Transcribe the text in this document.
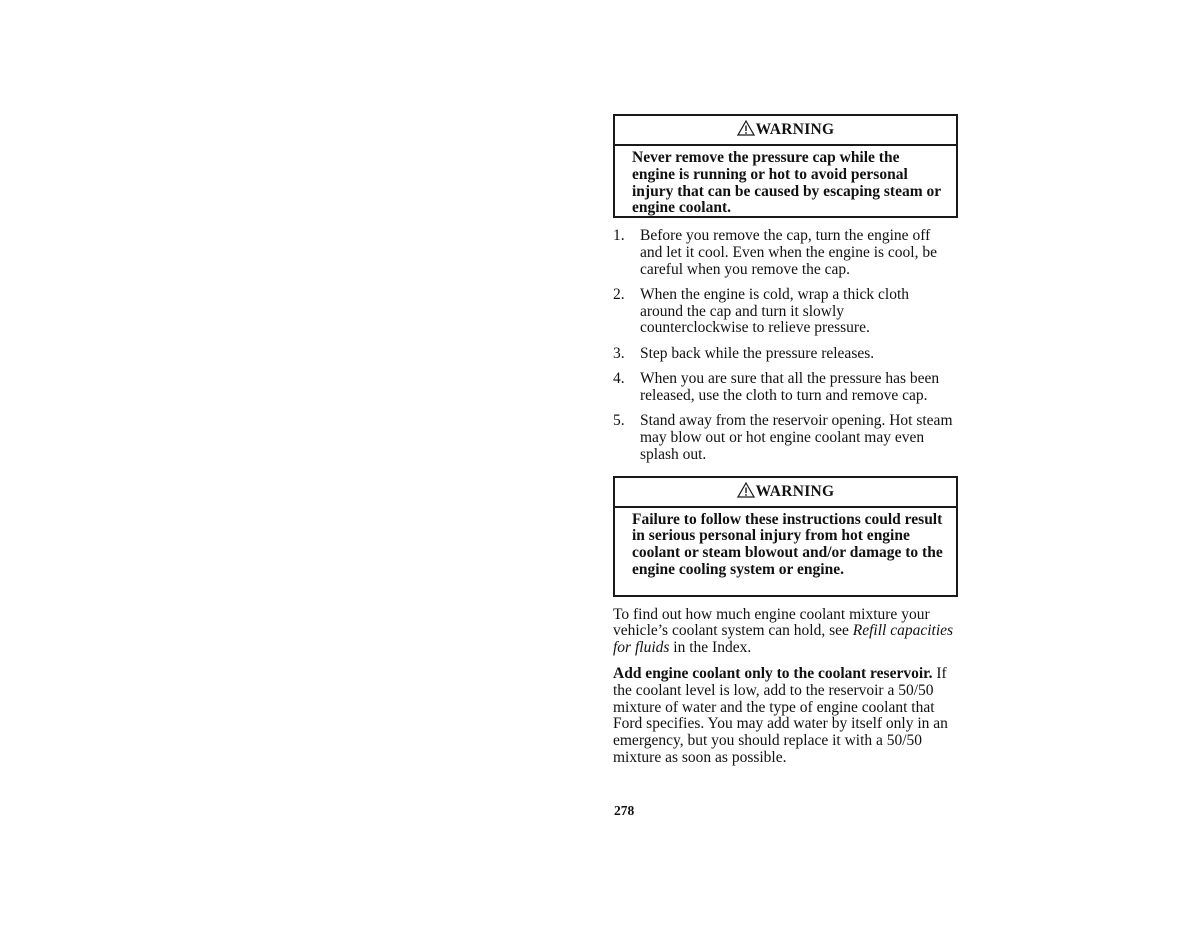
WARNING

Never remove the pressure cap while the engine is running or hot to avoid personal injury that can be caused by escaping steam or engine coolant.

1. Before you remove the cap, turn the engine off and let it cool. Even when the engine is cool, be careful when you remove the cap.
2. When the engine is cold, wrap a thick cloth around the cap and turn it slowly counterclockwise to relieve pressure.
3. Step back while the pressure releases.
4. When you are sure that all the pressure has been released, use the cloth to turn and remove cap.
5. Stand away from the reservoir opening. Hot steam may blow out or hot engine coolant may even splash out.
WARNING

Failure to follow these instructions could result in serious personal injury from hot engine coolant or steam blowout and/or damage to the engine cooling system or engine.

To find out how much engine coolant mixture your vehicle’s coolant system can hold, see Refill capacities for fluids in the Index.

Add engine coolant only to the coolant reservoir. If the coolant level is low, add to the reservoir a 50/50 mixture of water and the type of engine coolant that Ford specifies. You may add water by itself only in an emergency, but you should replace it with a 50/50 mixture as soon as possible.

278
